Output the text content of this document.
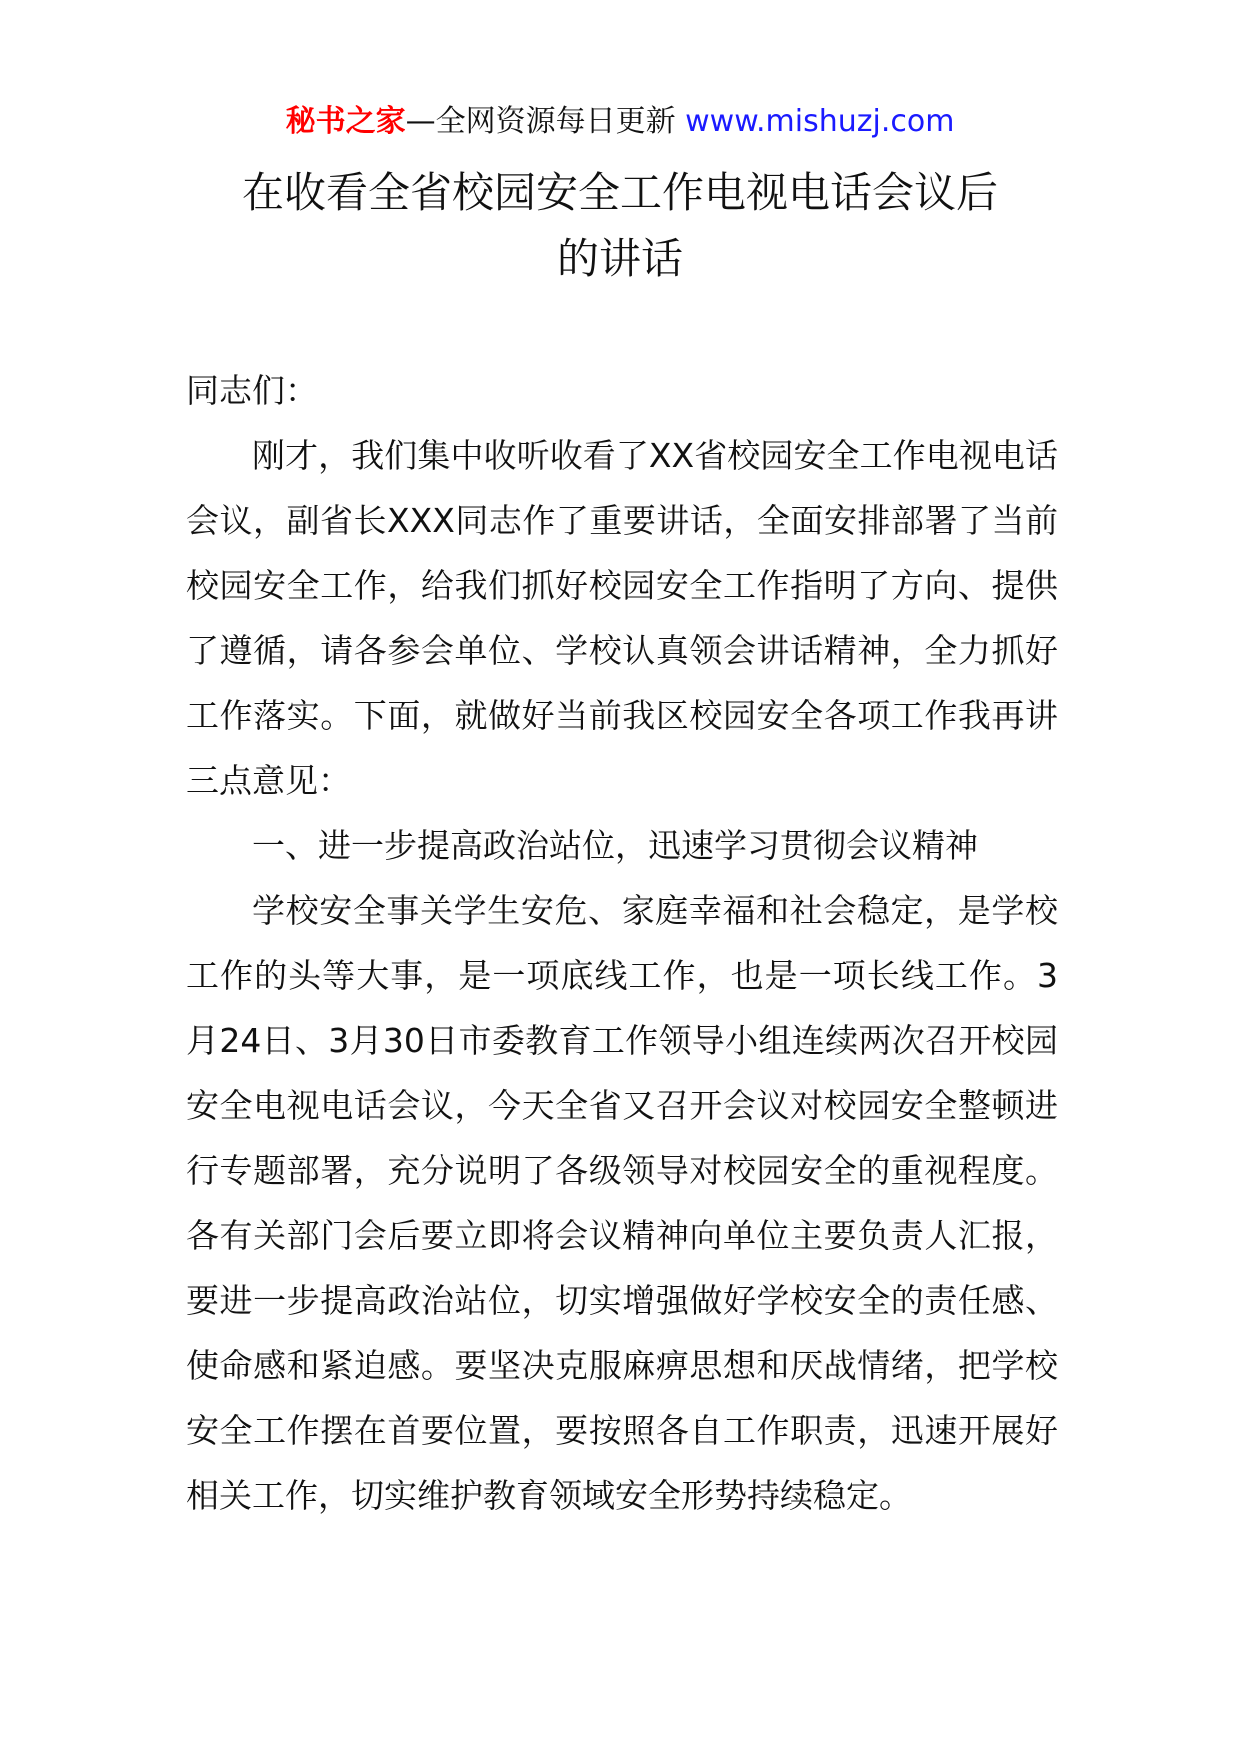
秘书之家—全网资源每日更新 www.mishuzj.com
在收看全省校园安全工作电视电话会议后
的讲话

同志们：

刚才，我们集中收听收看了XX省校园安全工作电视电话会议，副省长XXX同志作了重要讲话，全面安排部署了当前校园安全工作，给我们抓好校园安全工作指明了方向、提供了遵循，请各参会单位、学校认真领会讲话精神，全力抓好工作落实。下面，就做好当前我区校园安全各项工作我再讲三点意见：

一、进一步提高政治站位，迅速学习贯彻会议精神

学校安全事关学生安危、家庭幸福和社会稳定，是学校工作的头等大事，是一项底线工作，也是一项长线工作。3月24日、3月30日市委教育工作领导小组连续两次召开校园安全电视电话会议，今天全省又召开会议对校园安全整顿进行专题部署，充分说明了各级领导对校园安全的重视程度。各有关部门会后要立即将会议精神向单位主要负责人汇报，要进一步提高政治站位，切实增强做好学校安全的责任感、使命感和紧迫感。要坚决克服麻痹思想和厌战情绪，把学校安全工作摆在首要位置，要按照各自工作职责，迅速开展好相关工作，切实维护教育领域安全形势持续稳定。
